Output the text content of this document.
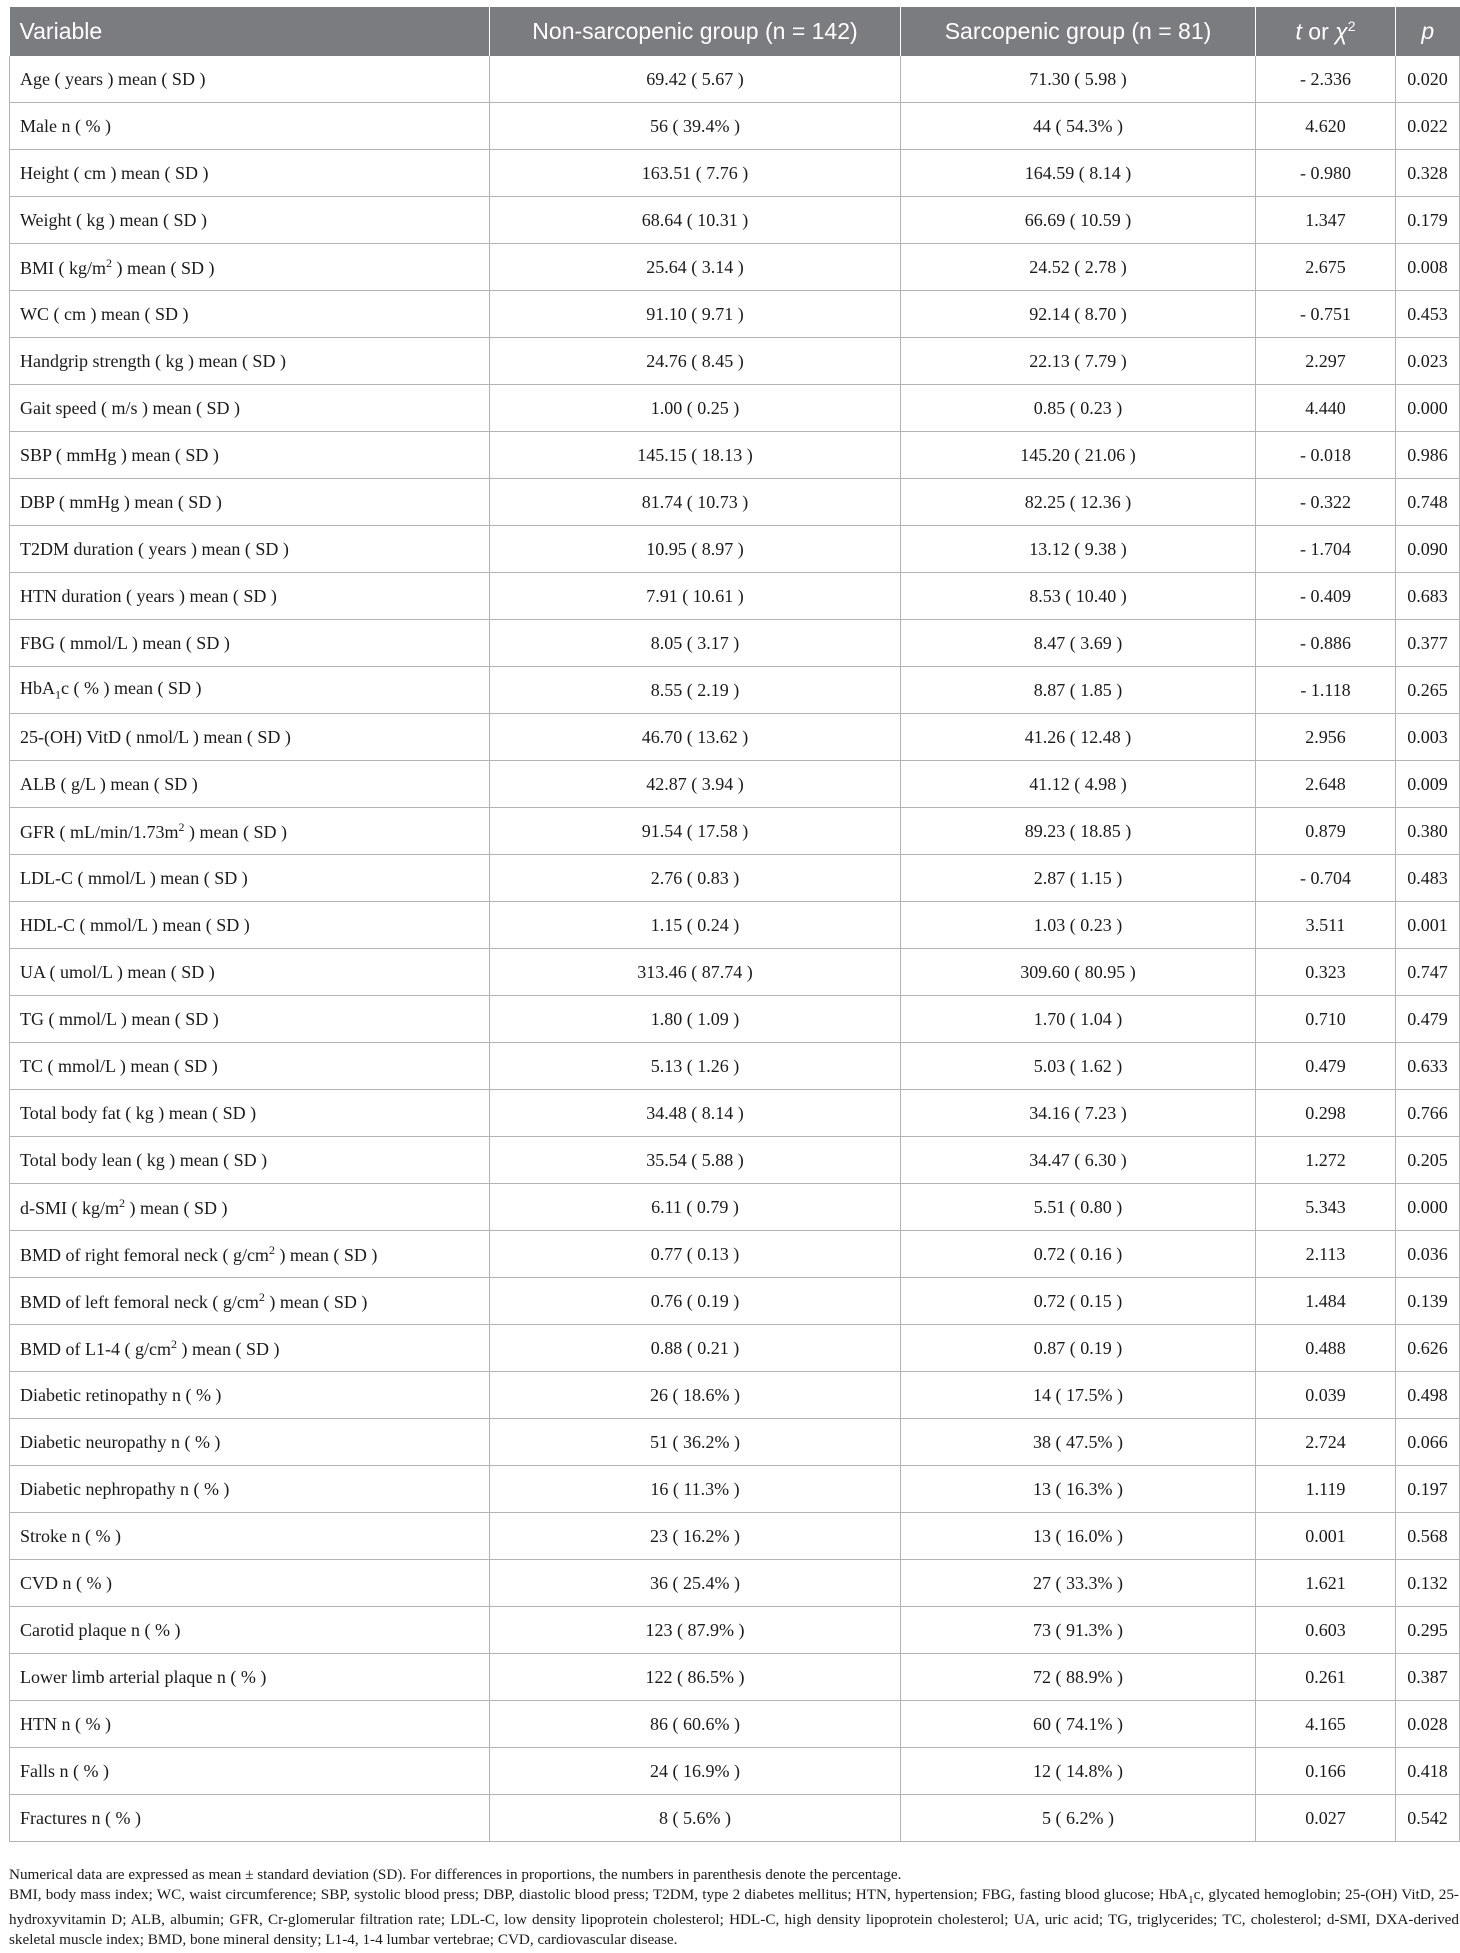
Variable	Non-sarcopenic group (n = 142)	Sarcopenic group (n = 81)	t or $\chi^2$	p
Age ( years ) mean ( SD )	69.42 ( 5.67 )	71.30 ( 5.98 )	- 2.336	0.020
Male n ( % )	56 ( 39.4% )	44 ( 54.3% )	4.620	0.022
Height ( cm ) mean ( SD )	163.51 ( 7.76 )	164.59 ( 8.14 )	- 0.980	0.328
Weight ( kg ) mean ( SD )	68.64 ( 10.31 )	66.69 ( 10.59 )	1.347	0.179
BMI ( $kg/m^2$ ) mean ( SD )	25.64 ( 3.14 )	24.52 ( 2.78 )	2.675	0.008
WC ( cm ) mean ( SD )	91.10 ( 9.71 )	92.14 ( 8.70 )	- 0.751	0.453
Handgrip strength ( kg ) mean ( SD )	24.76 ( 8.45 )	22.13 ( 7.79 )	2.297	0.023
Gait speed ( m/s ) mean ( SD )	1.00 ( 0.25 )	0.85 ( 0.23 )	4.440	0.000
SBP ( mmHg ) mean ( SD )	145.15 ( 18.13 )	145.20 ( 21.06 )	- 0.018	0.986
DBP ( mmHg ) mean ( SD )	81.74 ( 10.73 )	82.25 ( 12.36 )	- 0.322	0.748
T2DM duration ( years ) mean ( SD )	10.95 ( 8.97 )	13.12 ( 9.38 )	- 1.704	0.090
HTN duration ( years ) mean ( SD )	7.91 ( 10.61 )	8.53 ( 10.40 )	- 0.409	0.683
FBG ( mmol/L ) mean ( SD )	8.05 ( 3.17 )	8.47 ( 3.69 )	- 0.886	0.377
HbA$_1$c ( % ) mean ( SD )	8.55 ( 2.19 )	8.87 ( 1.85 )	- 1.118	0.265
25-(OH) VitD ( nmol/L ) mean ( SD )	46.70 ( 13.62 )	41.26 ( 12.48 )	2.956	0.003
ALB ( g/L ) mean ( SD )	42.87 ( 3.94 )	41.12 ( 4.98 )	2.648	0.009
GFR ( $mL/\min/1.73m^2$ ) mean ( SD )	91.54 ( 17.58 )	89.23 ( 18.85 )	0.879	0.380
LDL-C ( mmol/L ) mean ( SD )	2.76 ( 0.83 )	2.87 ( 1.15 )	- 0.704	0.483
HDL-C ( mmol/L ) mean ( SD )	1.15 ( 0.24 )	1.03 ( 0.23 )	3.511	0.001
UA ( umol/L ) mean ( SD )	313.46 ( 87.74 )	309.60 ( 80.95 )	0.323	0.747
TG ( mmol/L ) mean ( SD )	1.80 ( 1.09 )	1.70 ( 1.04 )	0.710	0.479
TC ( mmol/L ) mean ( SD )	5.13 ( 1.26 )	5.03 ( 1.62 )	0.479	0.633
Total body fat ( kg ) mean ( SD )	34.48 ( 8.14 )	34.16 ( 7.23 )	0.298	0.766
Total body lean ( kg ) mean ( SD )	35.54 ( 5.88 )	34.47 ( 6.30 )	1.272	0.205
d-SMI ( $kg/m^2$ ) mean ( SD )	6.11 ( 0.79 )	5.51 ( 0.80 )	5.343	0.000
BMD of right femoral neck ( $g/cm^2$ ) mean ( SD )	0.77 ( 0.13 )	0.72 ( 0.16 )	2.113	0.036
BMD of left femoral neck ( $g/cm^2$ ) mean ( SD )	0.76 ( 0.19 )	0.72 ( 0.15 )	1.484	0.139
BMD of L1-4 ( $g/cm^2$ ) mean ( SD )	0.88 ( 0.21 )	0.87 ( 0.19 )	0.488	0.626
Diabetic retinopathy n ( % )	26 ( 18.6% )	14 ( 17.5% )	0.039	0.498
Diabetic neuropathy n ( % )	51 ( 36.2% )	38 ( 47.5% )	2.724	0.066
Diabetic nephropathy n ( % )	16 ( 11.3% )	13 ( 16.3% )	1.119	0.197
Stroke n ( % )	23 ( 16.2% )	13 ( 16.0% )	0.001	0.568
CVD n ( % )	36 ( 25.4% )	27 ( 33.3% )	1.621	0.132
Carotid plaque n ( % )	123 ( 87.9% )	73 ( 91.3% )	0.603	0.295
Lower limb arterial plaque n ( % )	122 ( 86.5% )	72 ( 88.9% )	0.261	0.387
HTN n ( % )	86 ( 60.6% )	60 ( 74.1% )	4.165	0.028
Falls n ( % )	24 ( 16.9% )	12 ( 14.8% )	0.166	0.418
Fractures n ( % )	8 ( 5.6% )	5 ( 6.2% )	0.027	0.542

Numerical data are expressed as mean ± standard deviation (SD). For differences in proportions, the numbers in parenthesis denote the percentage.

BMI, body mass index; WC, waist circumference; SBP, systolic blood press; DBP, diastolic blood press; T2DM, type 2 diabetes mellitus; HTN, hypertension; FBG, fasting blood glucose; HbA$_1$c, glycated hemoglobin; 25-(OH) VitD, 25-hydroxyvitamin D; ALB, albumin; GFR, Cr-glomerular filtration rate; LDL-C, low density lipoprotein cholesterol; HDL-C, high density lipoprotein cholesterol; UA, uric acid; TG, triglycerides; TC, cholesterol; d-SMI, DXA-derived skeletal muscle index; BMD, bone mineral density; L1-4, 1-4 lumbar vertebrae; CVD, cardiovascular disease.
